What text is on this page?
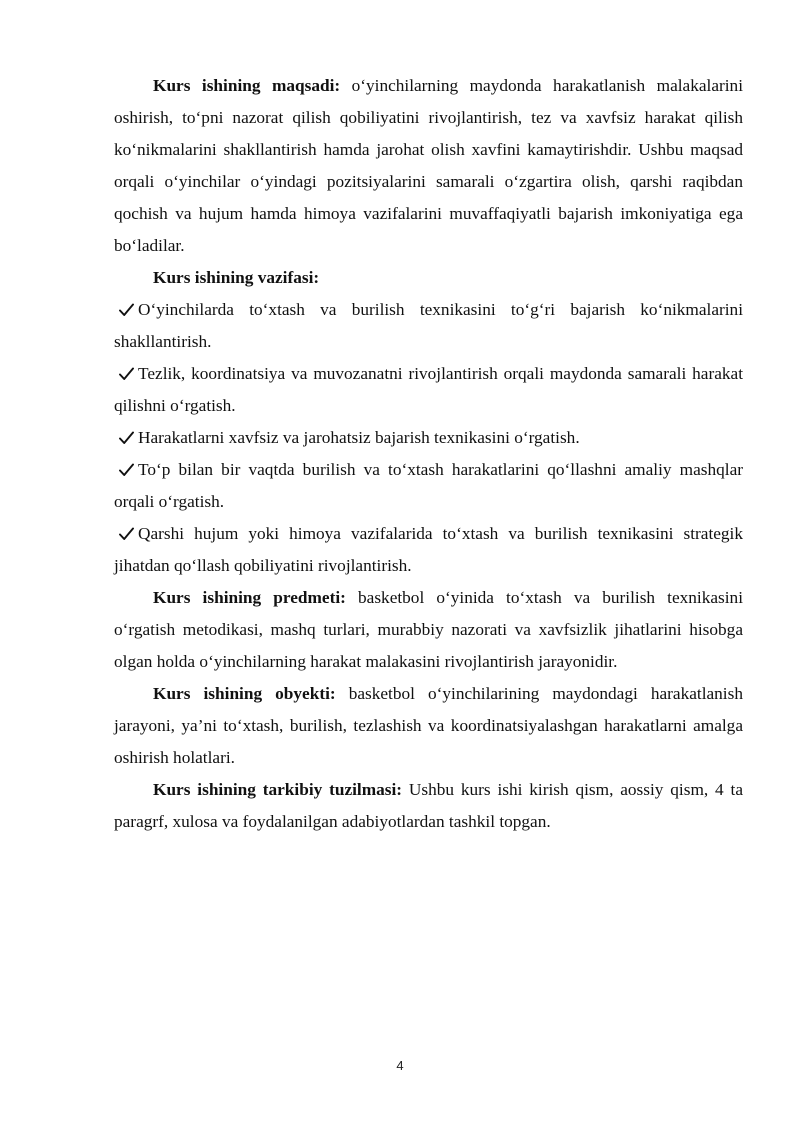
Kurs ishining maqsadi: o‘yinchilarning maydonda harakatlanish malakalarini oshirish, to‘pni nazorat qilish qobiliyatini rivojlantirish, tez va xavfsiz harakat qilish ko‘nikmalarini shakllantirish hamda jarohat olish xavfini kamaytirishdir. Ushbu maqsad orqali o‘yinchilar o‘yindagi pozitsiyalarini samarali o‘zgartira olish, qarshi raqibdan qochish va hujum hamda himoya vazifalarini muvaffaqiyatli bajarish imkoniyatiga ega bo‘ladilar.

Kurs ishining vazifasi:

O‘yinchilarda to‘xtash va burilish texnikasini to‘g‘ri bajarish ko‘nikmalarini shakllantirish.

Tezlik, koordinatsiya va muvozanatni rivojlantirish orqali maydonda samarali harakat qilishni o‘rgatish.

Harakatlarni xavfsiz va jarohatsiz bajarish texnikasini o‘rgatish.

To‘p bilan bir vaqtda burilish va to‘xtash harakatlarini qo‘llashni amaliy mashqlar orqali o‘rgatish.

Qarshi hujum yoki himoya vazifalarida to‘xtash va burilish texnikasini strategik jihatdan qo‘llash qobiliyatini rivojlantirish.

Kurs ishining predmeti: basketbol o‘yinida to‘xtash va burilish texnikasini o‘rgatish metodikasi, mashq turlari, murabbiy nazorati va xavfsizlik jihatlarini hisobga olgan holda o‘yinchilarning harakat malakasini rivojlantirish jarayonidir.

Kurs ishining obyekti: basketbol o‘yinchilarining maydondagi harakatlanish jarayoni, ya’ni to‘xtash, burilish, tezlashish va koordinatsiyalashgan harakatlarni amalga oshirish holatlari.

Kurs ishining tarkibiy tuzilmasi: Ushbu kurs ishi kirish qism, aossiy qism, 4 ta paragrf, xulosa va foydalanilgan adabiyotlardan tashkil topgan.

4
